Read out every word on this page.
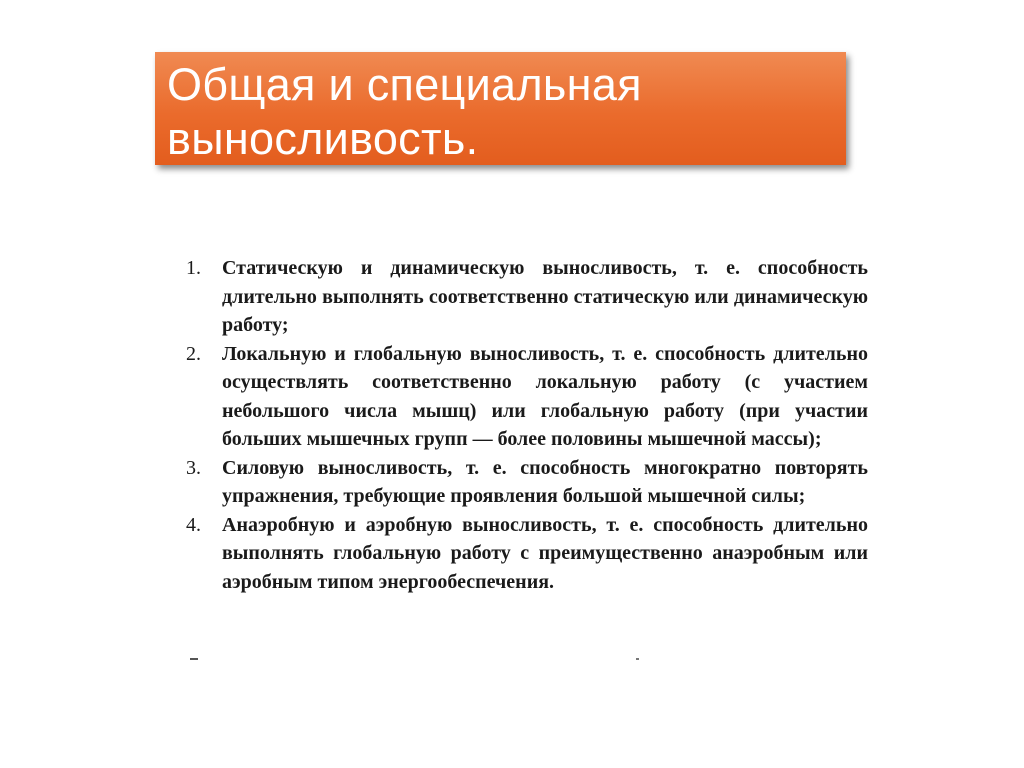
Общая и специальная выносливость.
1. Статическую и динамическую выносливость, т. е. способность длительно выполнять соответственно статическую или динамическую работу;
2. Локальную и глобальную выносливость, т. е. способность длительно осуществлять соответственно локальную работу (с участием небольшого числа мышц) или глобальную работу (при участии больших мышечных групп — более половины мышечной массы);
3. Силовую выносливость, т. е. способность многократно повторять упражнения, требующие проявления большой мышечной силы;
4. Анаэробную и аэробную выносливость, т. е. способность длительно выполнять глобальную работу с преимущественно анаэробным или аэробным типом энергообеспечения.
